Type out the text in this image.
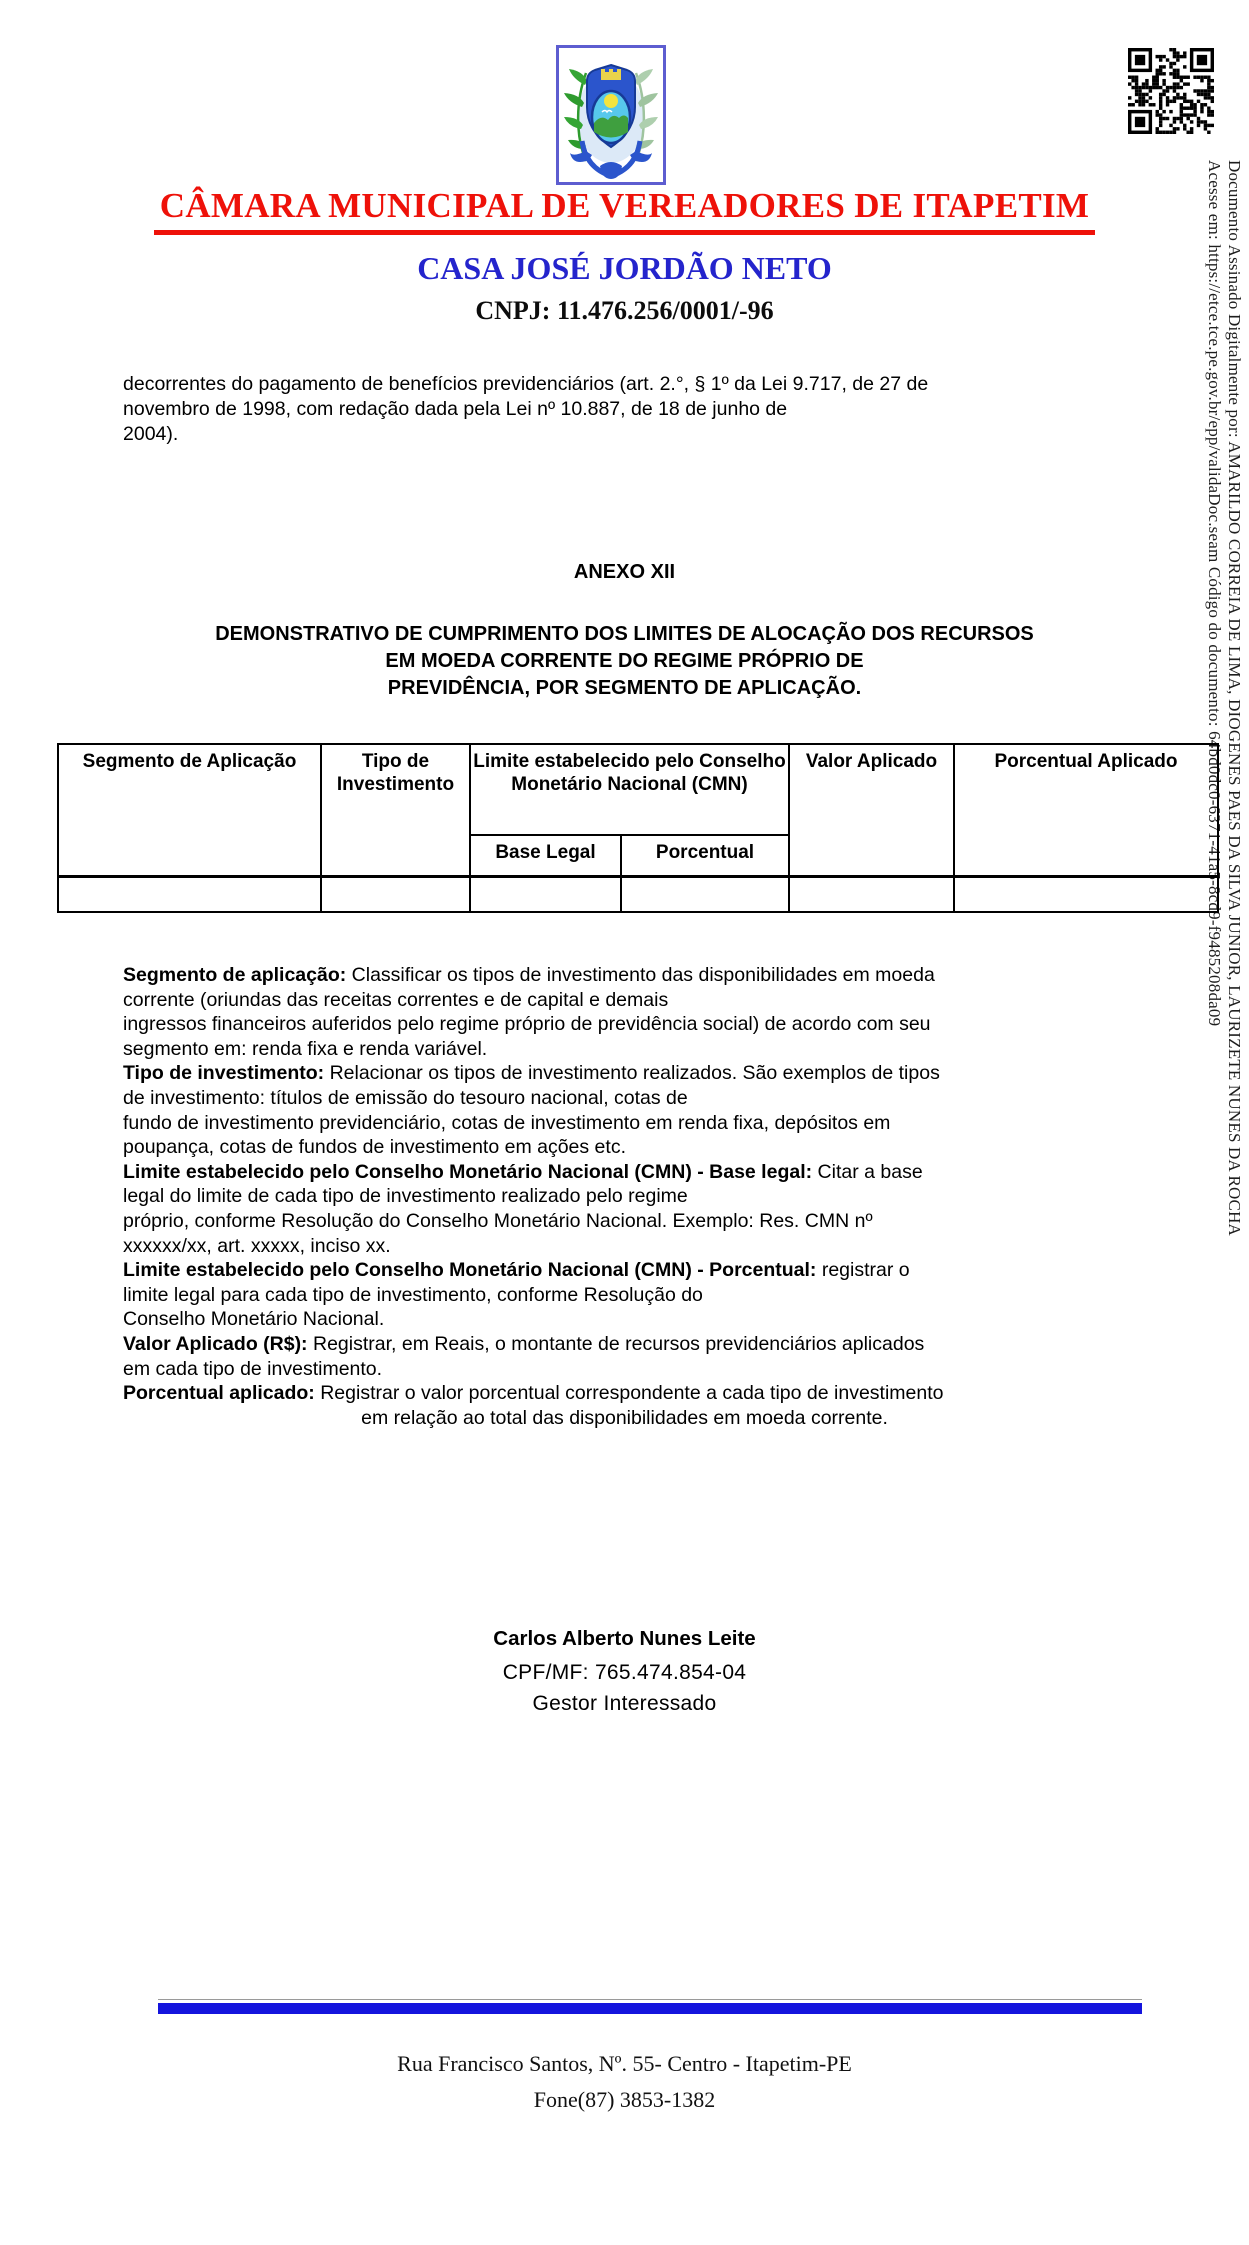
Documento Assinado Digitalmente por: AMARILDO CORREIA DE LIMA, DIOGENES PAES DA SILVA JUNIOR, LAURIZETE NUNES DA ROCHA
Acesse em: https://etce.tce.pe.gov.br/epp/validaDoc.seam Código do documento: 64bd0dc0-6371-41a5-8cd9-f9485208da09
CÂMARA MUNICIPAL DE VEREADORES DE ITAPETIM
CASA JOSÉ JORDÃO NETO
CNPJ: 11.476.256/0001/-96
decorrentes do pagamento de benefícios previdenciários (art. 2.°, § 1º da Lei 9.717, de 27 de
novembro de 1998, com redação dada pela Lei nº 10.887, de 18 de junho de
2004).
ANEXO XII
DEMONSTRATIVO DE CUMPRIMENTO DOS LIMITES DE ALOCAÇÃO DOS RECURSOS
EM MOEDA CORRENTE DO REGIME PRÓPRIO DE
PREVIDÊNCIA, POR SEGMENTO DE APLICAÇÃO.
Segmento de Aplicação	Tipo de Investimento	Limite estabelecido pelo Conselho Monetário Nacional (CMN)		Valor Aplicado	Porcentual Aplicado
		Base Legal	Porcentual		

Segmento de aplicação: Classificar os tipos de investimento das disponibilidades em moeda
corrente (oriundas das receitas correntes e de capital e demais
ingressos financeiros auferidos pelo regime próprio de previdência social) de acordo com seu
segmento em: renda fixa e renda variável.
Tipo de investimento: Relacionar os tipos de investimento realizados. São exemplos de tipos
de investimento: títulos de emissão do tesouro nacional, cotas de
fundo de investimento previdenciário, cotas de investimento em renda fixa, depósitos em
poupança, cotas de fundos de investimento em ações etc.
Limite estabelecido pelo Conselho Monetário Nacional (CMN) - Base legal: Citar a base
legal do limite de cada tipo de investimento realizado pelo regime
próprio, conforme Resolução do Conselho Monetário Nacional. Exemplo: Res. CMN nº
xxxxxx/xx, art. xxxxx, inciso xx.
Limite estabelecido pelo Conselho Monetário Nacional (CMN) - Porcentual: registrar o
limite legal para cada tipo de investimento, conforme Resolução do
Conselho Monetário Nacional.
Valor Aplicado (R$): Registrar, em Reais, o montante de recursos previdenciários aplicados
em cada tipo de investimento.
Porcentual aplicado: Registrar o valor porcentual correspondente a cada tipo de investimento
em relação ao total das disponibilidades em moeda corrente.
Carlos Alberto Nunes Leite
CPF/MF: 765.474.854-04
Gestor Interessado
Rua Francisco Santos, Nº. 55- Centro - Itapetim-PE
Fone(87) 3853-1382
